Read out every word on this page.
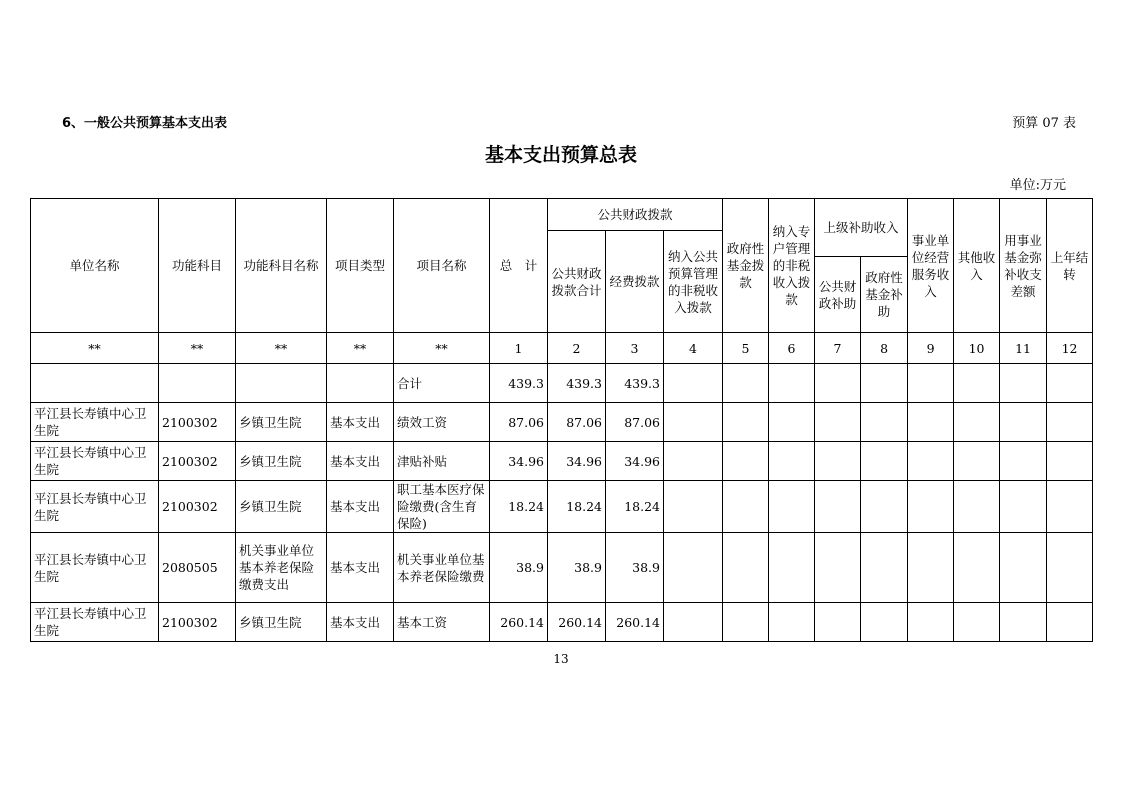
6、一般公共预算基本支出表	预算 07 表
基本支出预算总表
单位:万元
单位名称	功能科目	功能科目名称	项目类型	项目名称	总　计	公共财政拨款			政府性基金拨款	纳入专户管理的非税收入拨款	上级补助收入		事业单位经营服务收入	其他收入	用事业基金弥补收支差额	上年结转
						公共财政拨款合计	经费拨款	纳入公共预算管理的非税收入拨款								
											公共财政补助	政府性基金补助				
**	**	**	**	**	1	2	3	4	5	6	7	8	9	10	11	12
				合计	439.3	439.3	439.3									
平江县长寿镇中心卫生院	2100302	乡镇卫生院	基本支出	绩效工资	87.06	87.06	87.06									
平江县长寿镇中心卫生院	2100302	乡镇卫生院	基本支出	津贴补贴	34.96	34.96	34.96									
平江县长寿镇中心卫生院	2100302	乡镇卫生院	基本支出	职工基本医疗保险缴费(含生育保险)	18.24	18.24	18.24									
平江县长寿镇中心卫生院	2080505	机关事业单位基本养老保险缴费支出	基本支出	机关事业单位基本养老保险缴费	38.9	38.9	38.9									
平江县长寿镇中心卫生院	2100302	乡镇卫生院	基本支出	基本工资	260.14	260.14	260.14									
13
